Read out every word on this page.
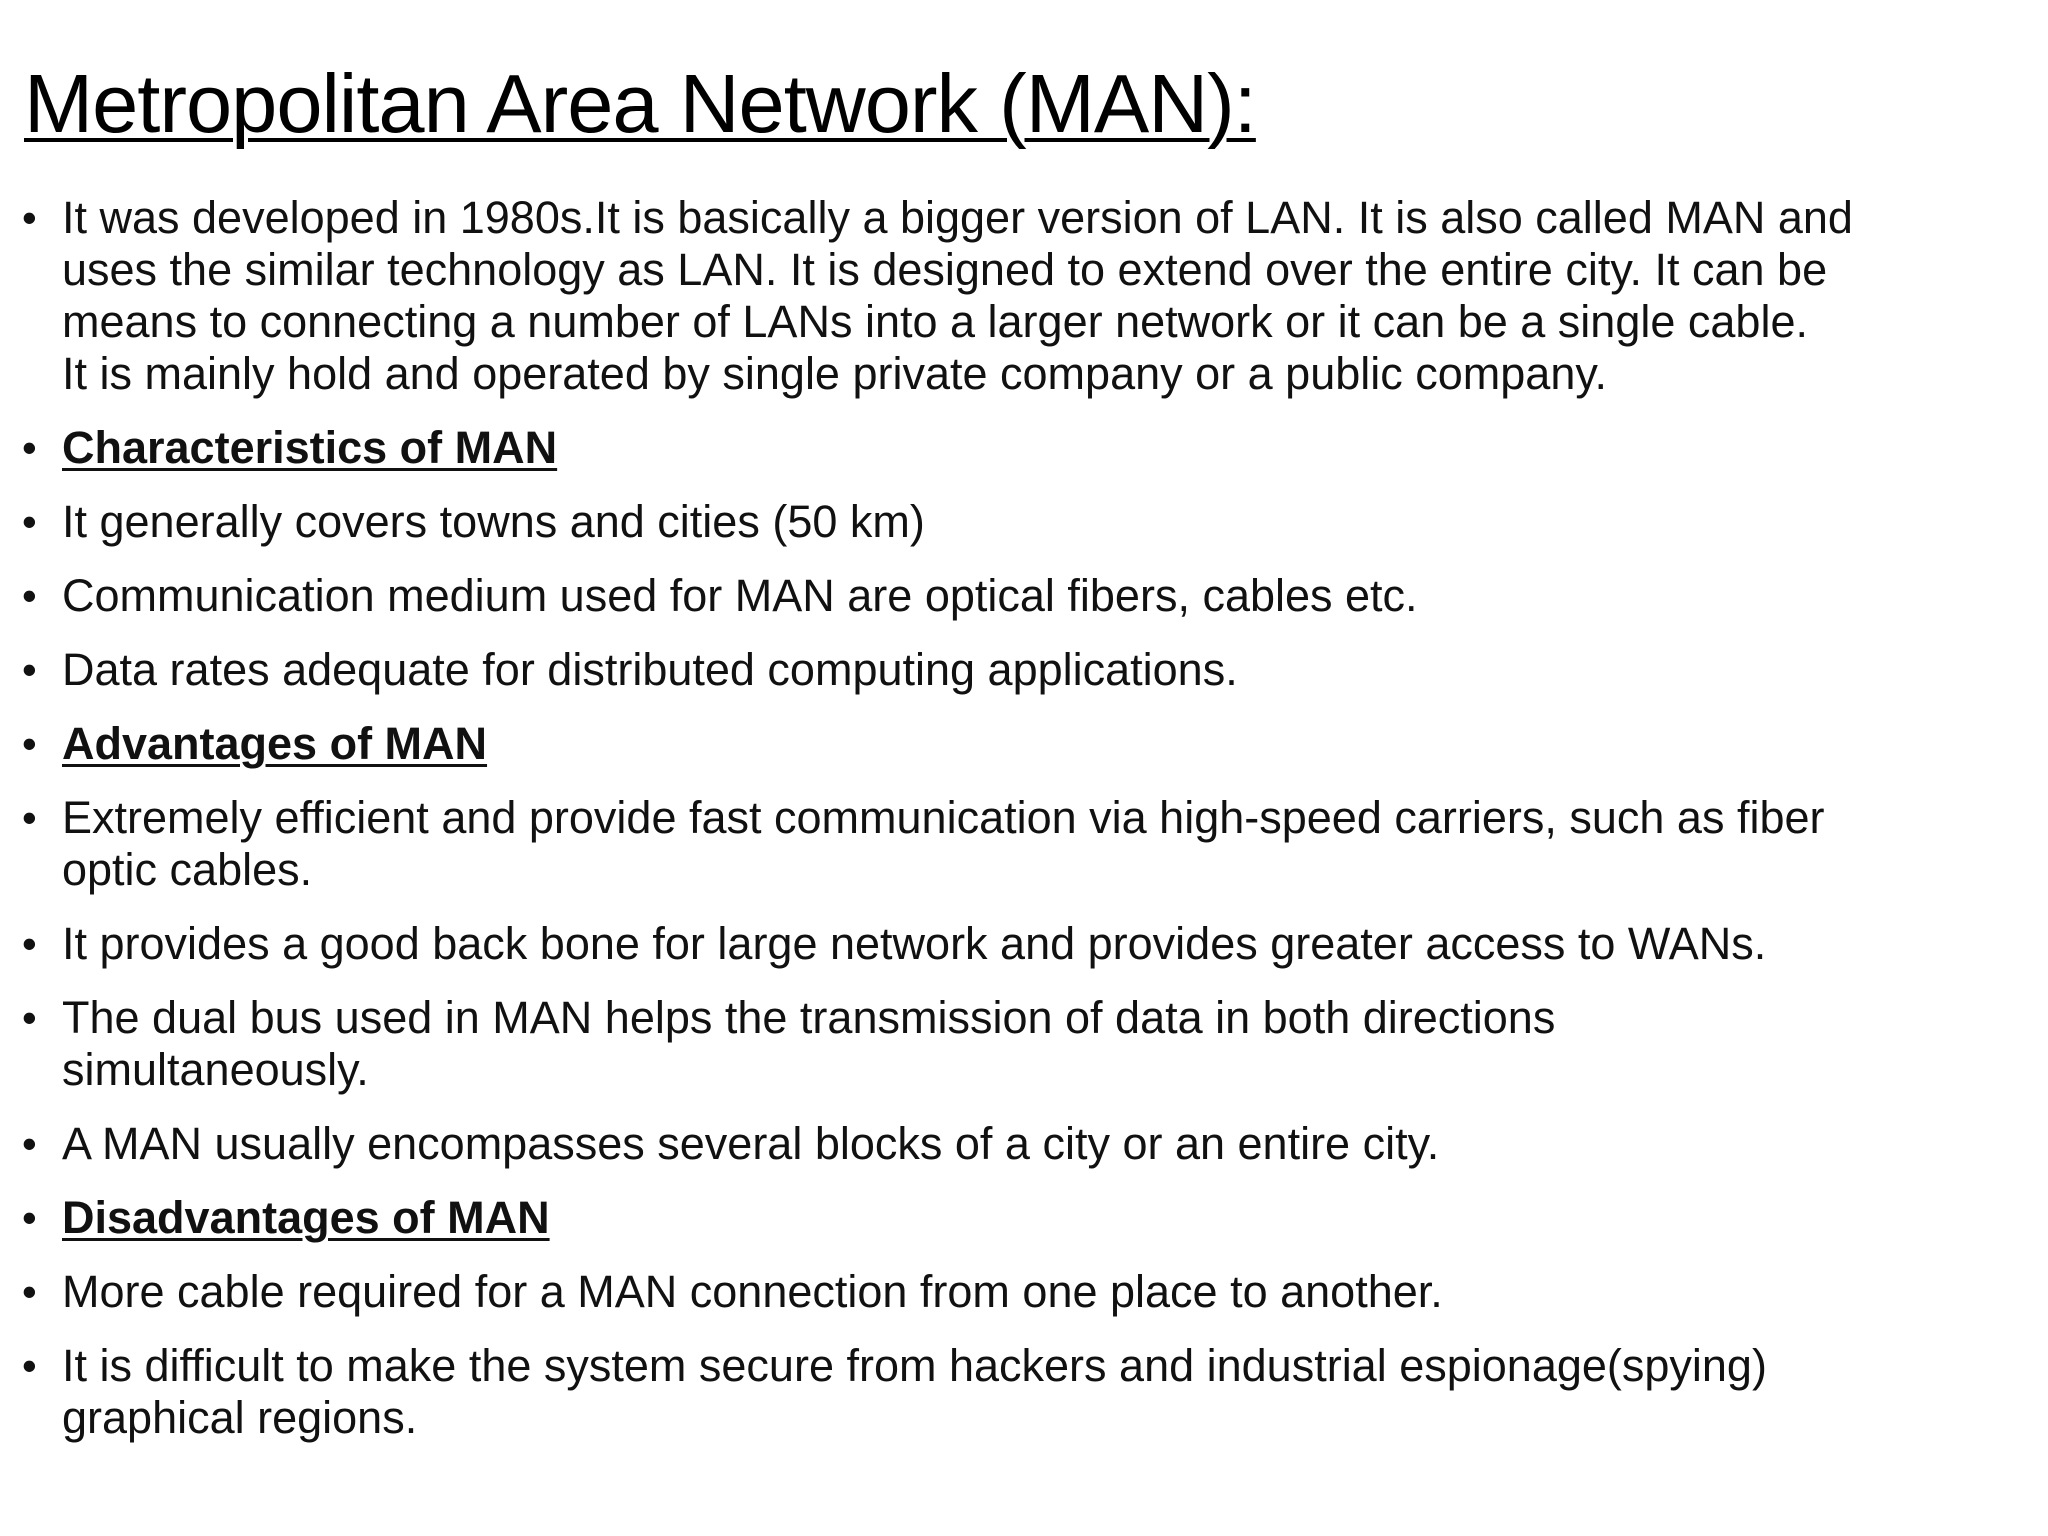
Metropolitan Area Network (MAN):
• It was developed in 1980s.It is basically a bigger version of LAN. It is also called MAN and
uses the similar technology as LAN. It is designed to extend over the entire city. It can be
means to connecting a number of LANs into a larger network or it can be a single cable.
It is mainly hold and operated by single private company or a public company.
• Characteristics of MAN
• It generally covers towns and cities (50 km)
• Communication medium used for MAN are optical fibers, cables etc.
• Data rates adequate for distributed computing applications.
• Advantages of MAN
• Extremely efficient and provide fast communication via high-speed carriers, such as fiber
optic cables.
• It provides a good back bone for large network and provides greater access to WANs.
• The dual bus used in MAN helps the transmission of data in both directions
simultaneously.
• A MAN usually encompasses several blocks of a city or an entire city.
• Disadvantages of MAN
• More cable required for a MAN connection from one place to another.
• It is difficult to make the system secure from hackers and industrial espionage(spying)
graphical regions.
